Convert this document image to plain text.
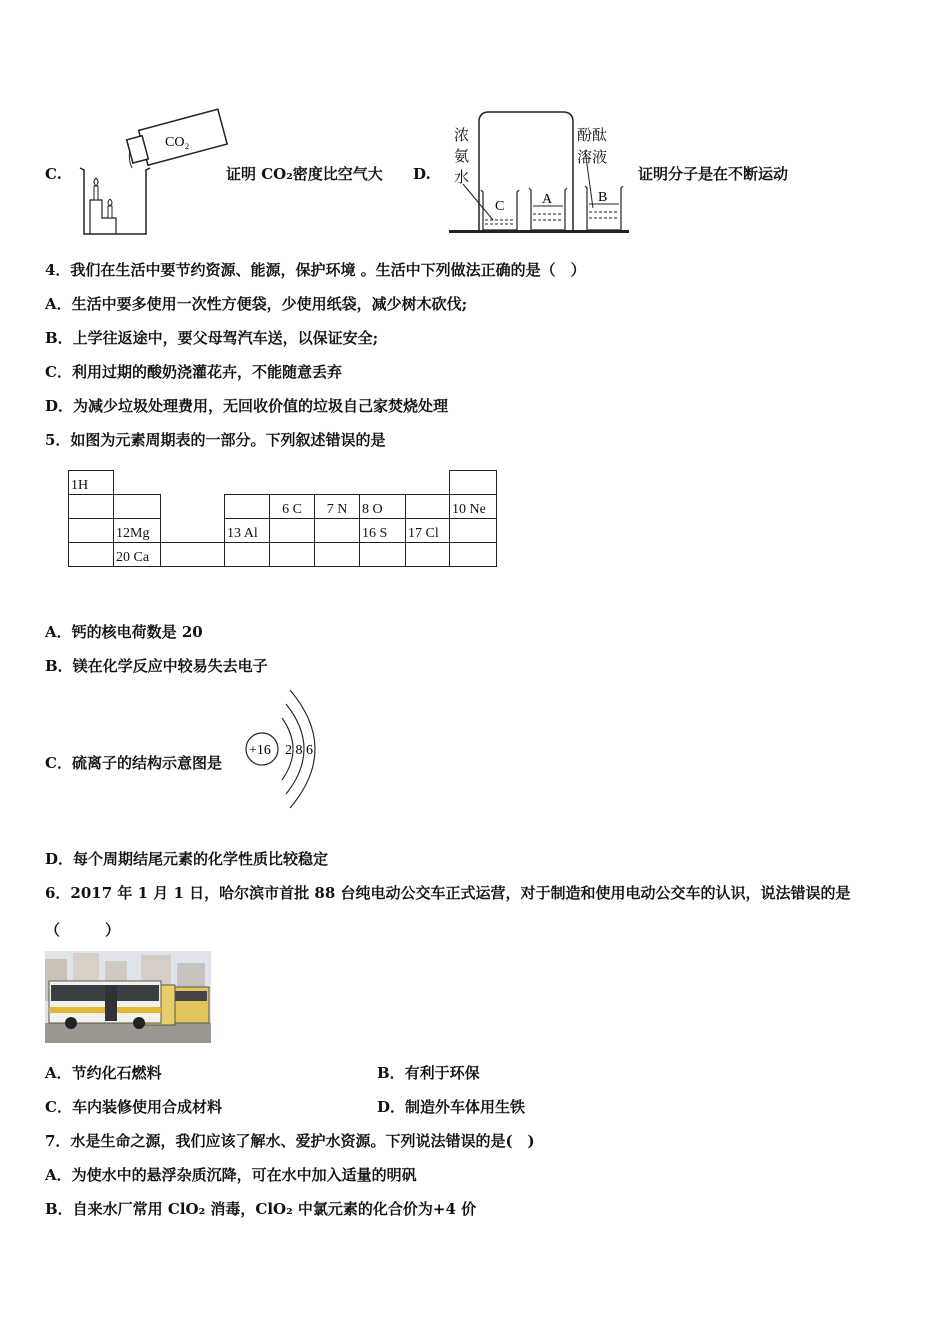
C.
CO₂
证明 CO₂密度比空气大 D.
C	A	B
浓
氨
水
酚酞
溶液
证明分子是在不断运动
4．我们在生活中要节约资源、能源，保护环境 。生活中下列做法正确的是（　）
A．生活中要多使用一次性方便袋，少使用纸袋，减少树木砍伐;
B．上学往返途中，要父母驾汽车送，以保证安全;
C．利用过期的酸奶浇灌花卉，不能随意丢弃
D．为减少垃圾处理费用，无回收价值的垃圾自己家焚烧处理
5．如图为元素周期表的一部分。下列叙述错误的是
1H								
				6 C	7 N	8 O		10 Ne
	12Mg		13 Al			16 S	17 Cl	
	20 Ca							
A．钙的核电荷数是 20
B．镁在化学反应中较易失去电子
C．硫离子的结构示意图是
+16 2 8 6
D．每个周期结尾元素的化学性质比较稳定
6．2017 年 1 月 1 日，哈尔滨市首批 88 台纯电动公交车正式运营，对于制造和使用电动公交车的认识，说法错误的是
（　　　）
A．节约化石燃料	B．有利于环保
C．车内装修使用合成材料	D．制造外车体用生铁
7．水是生命之源，我们应该了解水、爱护水资源。下列说法错误的是(　)
A．为使水中的悬浮杂质沉降，可在水中加入适量的明矾
B．自来水厂常用 ClO₂ 消毒，ClO₂ 中氯元素的化合价为+4 价
